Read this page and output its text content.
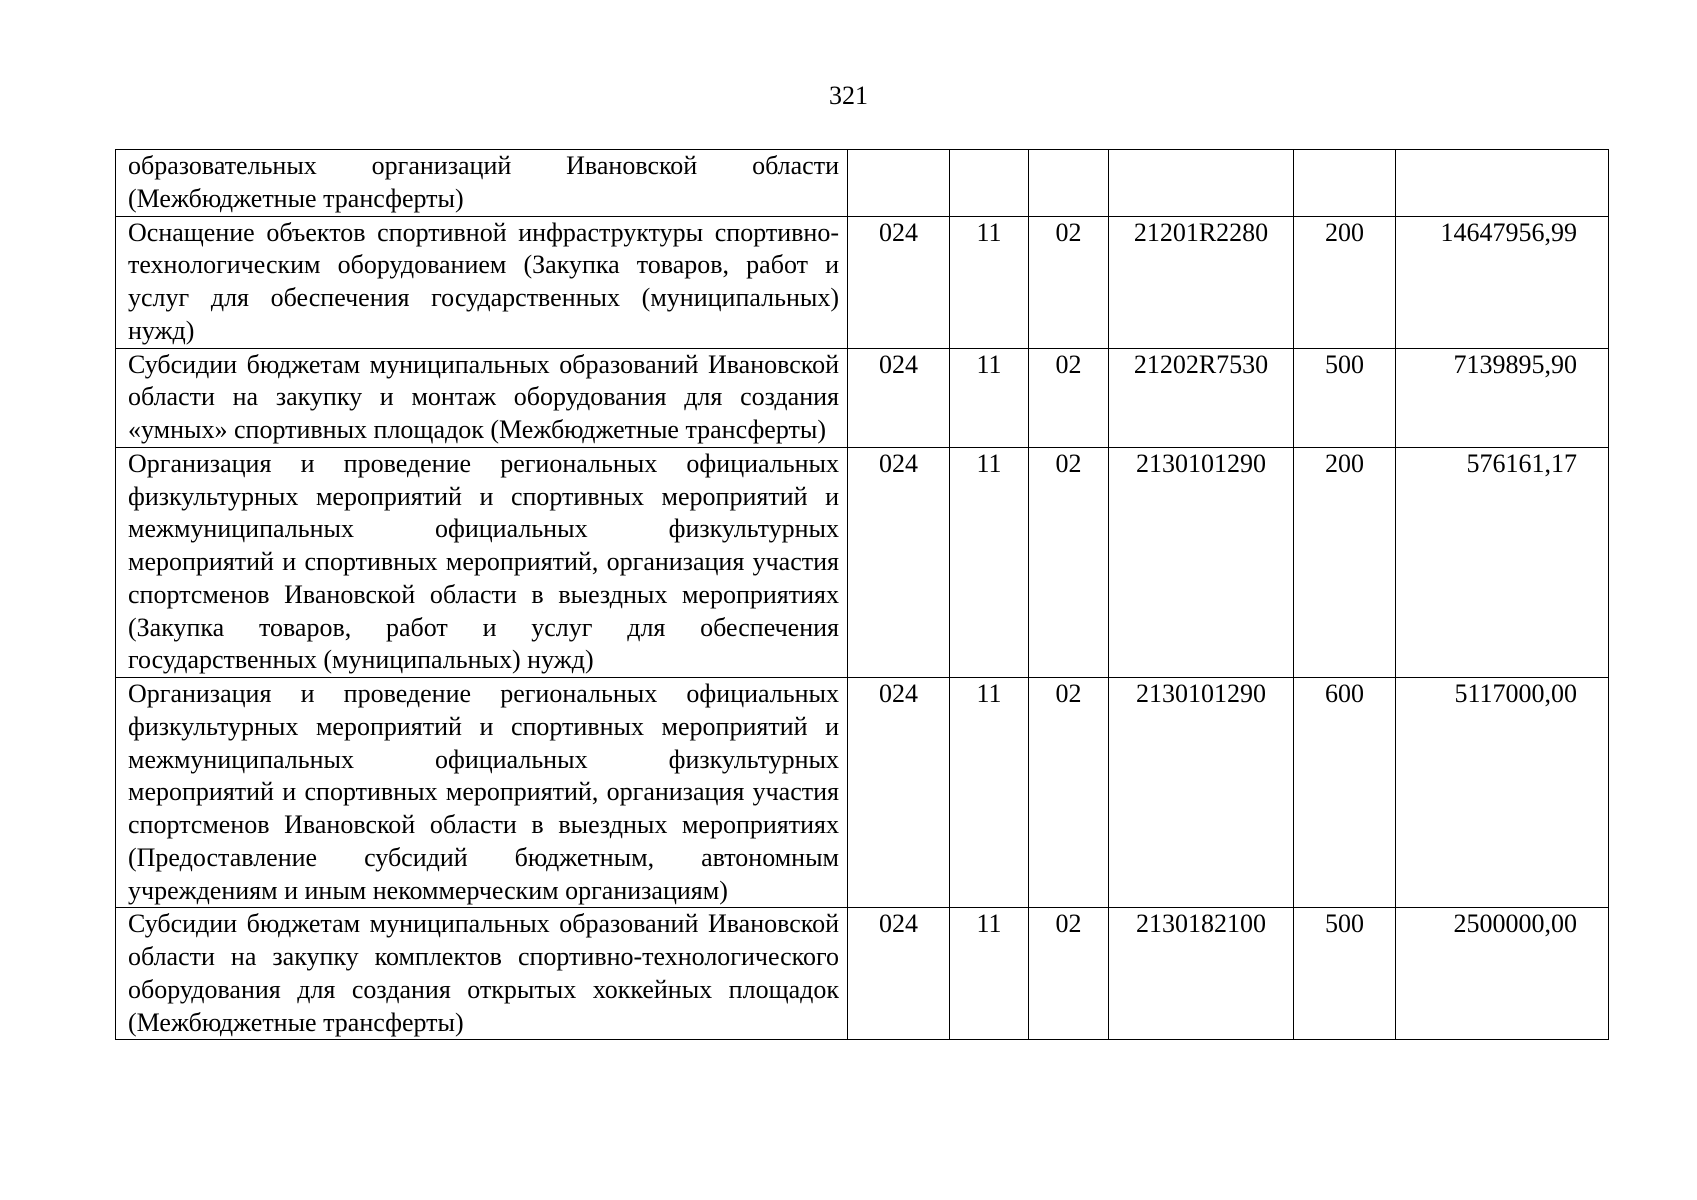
321
образовательных организаций Ивановской области (Межбюджетные трансферты)						
Оснащение объектов спортивной инфраструктуры спортивно-технологическим оборудованием (Закупка товаров, работ и услуг для обеспечения государственных (муниципальных) нужд)	024	11	02	21201R2280	200	14647956,99
Субсидии бюджетам муниципальных образований Ивановской области на закупку и монтаж оборудования для создания «умных» спортивных площадок (Межбюджетные трансферты)	024	11	02	21202R7530	500	7139895,90
Организация и проведение региональных официальных физкультурных мероприятий и спортивных мероприятий и межмуниципальных официальных физкультурных мероприятий и спортивных мероприятий, организация участия спортсменов Ивановской области в выездных мероприятиях (Закупка товаров, работ и услуг для обеспечения государственных (муниципальных) нужд)	024	11	02	2130101290	200	576161,17
Организация и проведение региональных официальных физкультурных мероприятий и спортивных мероприятий и межмуниципальных официальных физкультурных мероприятий и спортивных мероприятий, организация участия спортсменов Ивановской области в выездных мероприятиях (Предоставление субсидий бюджетным, автономным учреждениям и иным некоммерческим организациям)	024	11	02	2130101290	600	5117000,00
Субсидии бюджетам муниципальных образований Ивановской области на закупку комплектов спортивно-технологического оборудования для создания открытых хоккейных площадок (Межбюджетные трансферты)	024	11	02	2130182100	500	2500000,00
